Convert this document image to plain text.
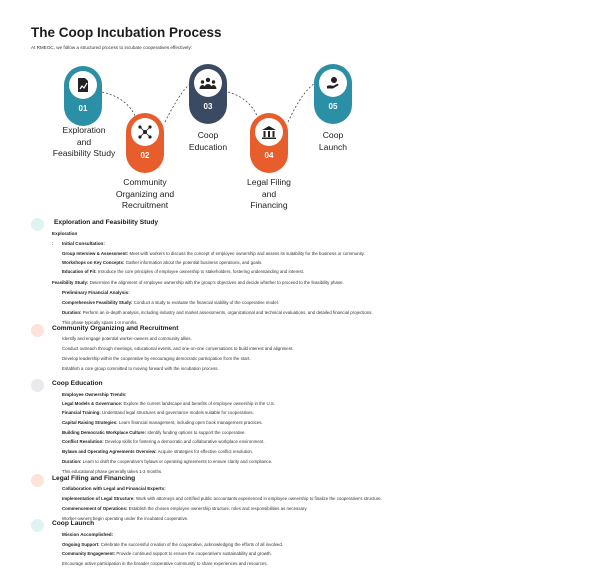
The Coop Incubation Process
At RMEOC, we follow a structured process to incubate cooperatives effectively:
01
Exploration
and
Feasibility Study	02
Community
Organizing and
Recruitment
03
Coop
Education
04
Legal Filing
and
Financing
05
Coop
Launch
Exploration and Feasibility Study
Exploration
: Initial Consultation:
Group Interview & Assessment: Meet with workers to discuss the concept of employee ownership and assess its suitability for the business or community.
Workshops on Key Concepts: Gather information about the potential business operations, and goals.
Education of Fit: Introduce the core principles of employee ownership to stakeholders, fostering understanding and interest.
Feasibility Study: Determine the alignment of employee ownership with the group's objectives and decide whether to proceed to the feasibility phase.
Preliminary Financial Analysis:
Comprehensive Feasibility Study: Conduct a study to evaluate the financial viability of the cooperative model.
Duration: Perform an in-depth analysis, including industry and market assessments, organizational and technical evaluations, and detailed financial projections.
This phase typically spans 1-3 months.
Community Organizing and Recruitment
Identify and engage potential worker-owners and community allies.
Conduct outreach through meetings, educational events, and one-on-one conversations to build interest and alignment.
Develop leadership within the cooperative by encouraging democratic participation from the start.
Establish a core group committed to moving forward with the incubation process.
Coop Education
Employee Ownership Trends:
Legal Models & Governance: Explore the current landscape and benefits of employee ownership in the U.S.
Financial Training: Understand legal structures and governance models suitable for cooperatives.
Capital Raising Strategies: Learn financial management, including open book management practices.
Building Democratic Workplace Culture: Identify funding options to support the cooperative.
Conflict Resolution: Develop skills for fostering a democratic and collaborative workplace environment.
Bylaws and Operating Agreements Overview: Acquire strategies for effective conflict resolution.
Duration: Learn to draft the cooperative's bylaws or operating agreements to ensure clarity and compliance.
This educational phase generally takes 1-3 months.
Legal Filing and Financing
Collaboration with Legal and Financial Experts:
Implementation of Legal Structure: Work with attorneys and certified public accountants experienced in employee ownership to finalize the cooperative's structure.
Commencement of Operations: Establish the chosen employee ownership structure, roles and responsibilities as necessary.
Worker-owners begin operating under the incubated cooperative.
Coop Launch
Mission Accomplished:
Ongoing Support: Celebrate the successful creation of the cooperative, acknowledging the efforts of all involved.
Community Engagement: Provide continued support to ensure the cooperative's sustainability and growth.
Encourage active participation in the broader cooperative community to share experiences and resources.
